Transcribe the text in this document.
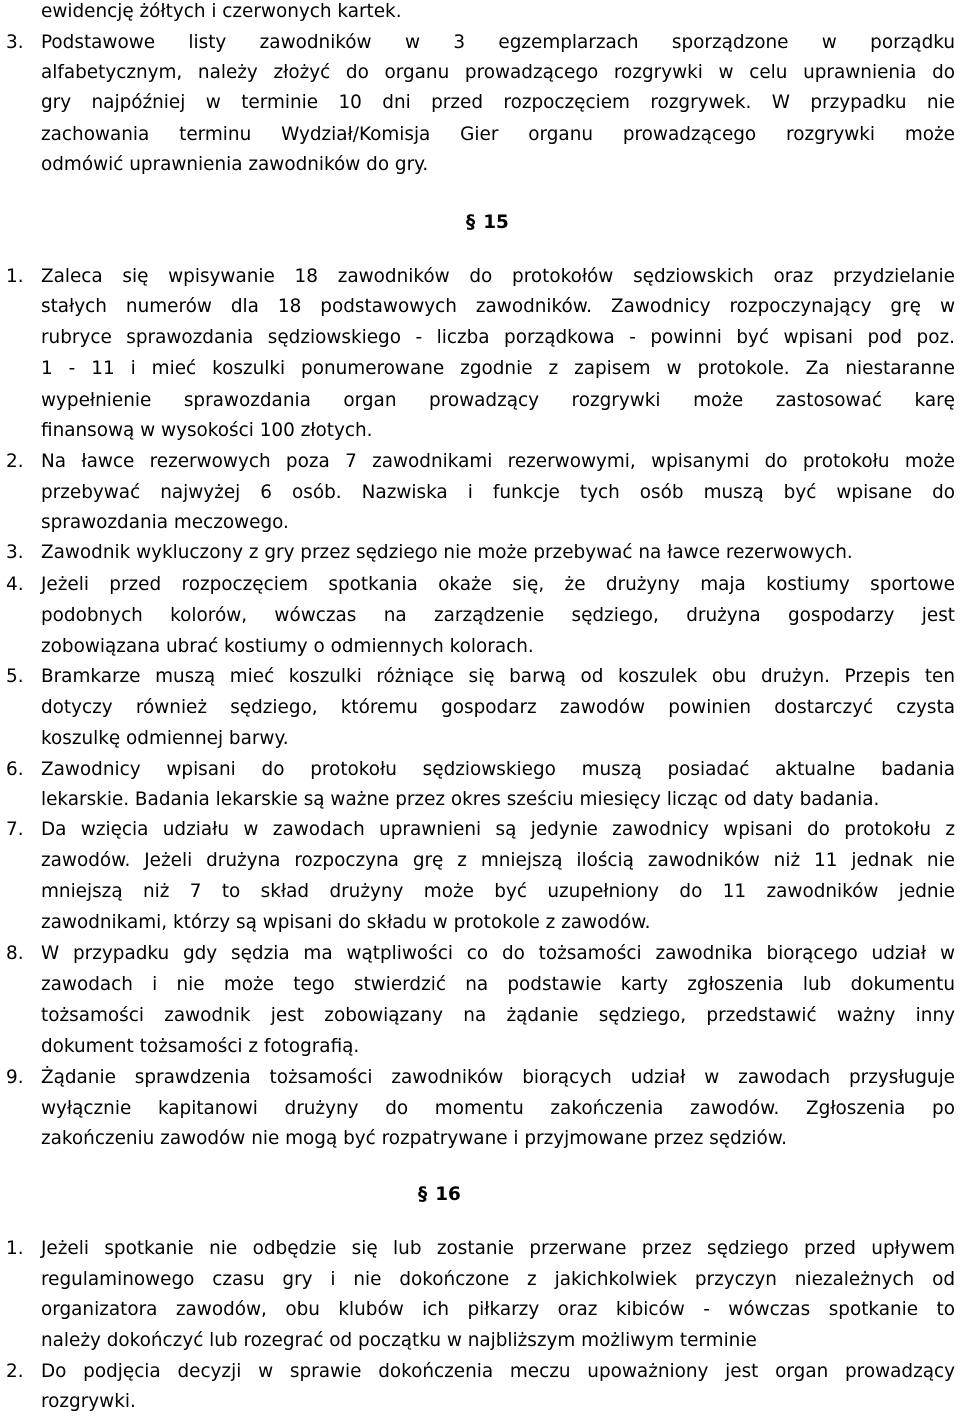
ewidencję żółtych i czerwonych kartek.
3. Podstawowe listy zawodników w 3 egzemplarzach sporządzone w porządku
alfabetycznym, należy złożyć do organu prowadzącego rozgrywki w celu uprawnienia do
gry najpóźniej w terminie 10 dni przed rozpoczęciem rozgrywek. W przypadku nie
zachowania terminu Wydział/Komisja Gier organu prowadzącego rozgrywki może
odmówić uprawnienia zawodników do gry.
§ 15
1. Zaleca się wpisywanie 18 zawodników do protokołów sędziowskich oraz przydzielanie
stałych numerów dla 18 podstawowych zawodników. Zawodnicy rozpoczynający grę w
rubryce sprawozdania sędziowskiego - liczba porządkowa - powinni być wpisani pod poz.
1 - 11 i mieć koszulki ponumerowane zgodnie z zapisem w protokole. Za niestaranne
wypełnienie sprawozdania organ prowadzący rozgrywki może zastosować karę
finansową w wysokości 100 złotych.
2. Na ławce rezerwowych poza 7 zawodnikami rezerwowymi, wpisanymi do protokołu może
przebywać najwyżej 6 osób. Nazwiska i funkcje tych osób muszą być wpisane do
sprawozdania meczowego.
3. Zawodnik wykluczony z gry przez sędziego nie może przebywać na ławce rezerwowych.
4. Jeżeli przed rozpoczęciem spotkania okaże się, że drużyny maja kostiumy sportowe
podobnych kolorów, wówczas na zarządzenie sędziego, drużyna gospodarzy jest
zobowiązana ubrać kostiumy o odmiennych kolorach.
5. Bramkarze muszą mieć koszulki różniące się barwą od koszulek obu drużyn. Przepis ten
dotyczy również sędziego, któremu gospodarz zawodów powinien dostarczyć czysta
koszulkę odmiennej barwy.
6. Zawodnicy wpisani do protokołu sędziowskiego muszą posiadać aktualne badania
lekarskie. Badania lekarskie są ważne przez okres sześciu miesięcy licząc od daty badania.
7. Da wzięcia udziału w zawodach uprawnieni są jedynie zawodnicy wpisani do protokołu z
zawodów. Jeżeli drużyna rozpoczyna grę z mniejszą ilością zawodników niż 11 jednak nie
mniejszą niż 7 to skład drużyny może być uzupełniony do 11 zawodników jednie
zawodnikami, którzy są wpisani do składu w protokole z zawodów.
8. W przypadku gdy sędzia ma wątpliwości co do tożsamości zawodnika biorącego udział w
zawodach i nie może tego stwierdzić na podstawie karty zgłoszenia lub dokumentu
tożsamości zawodnik jest zobowiązany na żądanie sędziego, przedstawić ważny inny
dokument tożsamości z fotografią.
9. Żądanie sprawdzenia tożsamości zawodników biorących udział w zawodach przysługuje
wyłącznie kapitanowi drużyny do momentu zakończenia zawodów. Zgłoszenia po
zakończeniu zawodów nie mogą być rozpatrywane i przyjmowane przez sędziów.
§ 16
1. Jeżeli spotkanie nie odbędzie się lub zostanie przerwane przez sędziego przed upływem
regulaminowego czasu gry i nie dokończone z jakichkolwiek przyczyn niezależnych od
organizatora zawodów, obu klubów ich piłkarzy oraz kibiców - wówczas spotkanie to
należy dokończyć lub rozegrać od początku w najbliższym możliwym terminie
2. Do podjęcia decyzji w sprawie dokończenia meczu upoważniony jest organ prowadzący
rozgrywki.
